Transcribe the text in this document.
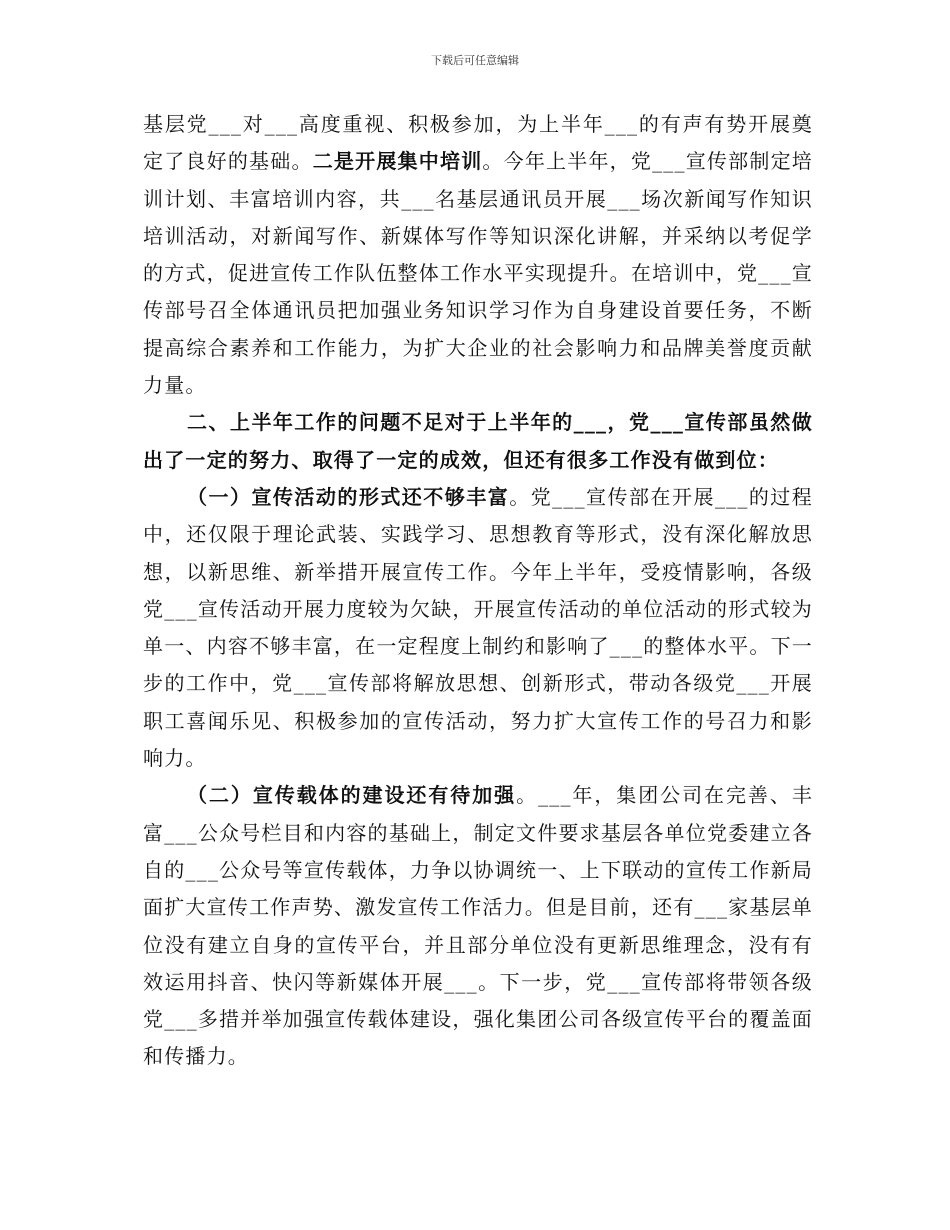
下载后可任意编辑

基层党___对___高度重视、积极参加，为上半年___的有声有势开展奠定了良好的基础。二是开展集中培训。今年上半年，党___宣传部制定培训计划、丰富培训内容，共___名基层通讯员开展___场次新闻写作知识培训活动，对新闻写作、新媒体写作等知识深化讲解，并采纳以考促学的方式，促进宣传工作队伍整体工作水平实现提升。在培训中，党___宣传部号召全体通讯员把加强业务知识学习作为自身建设首要任务，不断提高综合素养和工作能力，为扩大企业的社会影响力和品牌美誉度贡献力量。

二、上半年工作的问题不足对于上半年的___，党___宣传部虽然做出了一定的努力、取得了一定的成效，但还有很多工作没有做到位：

（一）宣传活动的形式还不够丰富。党___宣传部在开展___的过程中，还仅限于理论武装、实践学习、思想教育等形式，没有深化解放思想，以新思维、新举措开展宣传工作。今年上半年，受疫情影响，各级党___宣传活动开展力度较为欠缺，开展宣传活动的单位活动的形式较为单一、内容不够丰富，在一定程度上制约和影响了___的整体水平。下一步的工作中，党___宣传部将解放思想、创新形式，带动各级党___开展职工喜闻乐见、积极参加的宣传活动，努力扩大宣传工作的号召力和影响力。

（二）宣传载体的建设还有待加强。___年，集团公司在完善、丰富___公众号栏目和内容的基础上，制定文件要求基层各单位党委建立各自的___公众号等宣传载体，力争以协调统一、上下联动的宣传工作新局面扩大宣传工作声势、激发宣传工作活力。但是目前，还有___家基层单位没有建立自身的宣传平台，并且部分单位没有更新思维理念，没有有效运用抖音、快闪等新媒体开展___。下一步，党___宣传部将带领各级党___多措并举加强宣传载体建设，强化集团公司各级宣传平台的覆盖面和传播力。
